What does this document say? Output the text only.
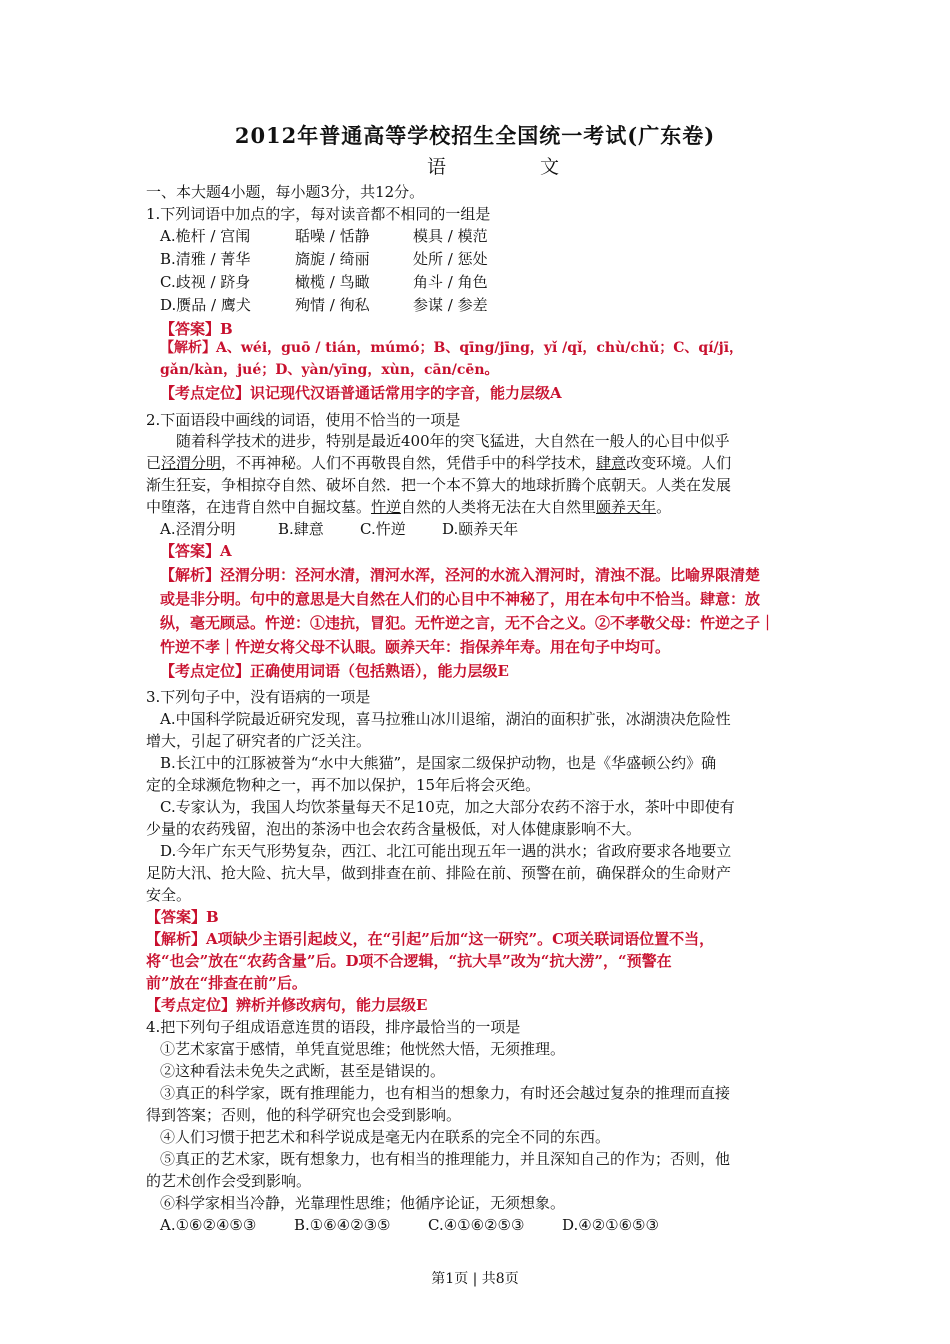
2012年普通高等学校招生全国统一考试(广东卷)
语 文
一、本大题4小题，每小题3分，共12分。
1.下列词语中加点的字，每对读音都不相同的一组是
A.桅杆 / 宫闱	聒噪 / 恬静	模具 / 模范
B.清雅 / 菁华	旖旎 / 绮丽	处所 / 惩处
C.歧视 / 跻身	橄榄 / 鸟瞰	角斗 / 角色
D.赝品 / 鹰犬	殉情 / 徇私	参谋 / 参差
【答案】B
【解析】A、wéi，guō / tián，múmó；B、qīng/jīng，yǐ /qǐ，chù/chǔ；C、qí/jī，
gǎn/kàn，jué；D、yàn/yīng，xùn，cān/cēn。
【考点定位】识记现代汉语普通话常用字的字音，能力层级A
2.下面语段中画线的词语，使用不恰当的一项是
随着科学技术的进步，特别是最近400年的突飞猛进，大自然在一般人的心目中似乎
已泾渭分明，不再神秘。人们不再敬畏自然，凭借手中的科学技术，肆意改变环境。人们
渐生狂妄，争相掠夺自然、破坏自然．把一个本不算大的地球折腾个底朝天。人类在发展
中堕落，在违背自然中自掘坟墓。忤逆自然的人类将无法在大自然里颐养天年。
A.泾渭分明	B.肆意 C.忤逆 D.颐养天年
【答案】A
【解析】泾渭分明：泾河水清，渭河水浑，泾河的水流入渭河时，清浊不混。比喻界限清楚
或是非分明。句中的意思是大自然在人们的心目中不神秘了，用在本句中不恰当。肆意：放
纵，毫无顾忌。忤逆：①违抗，冒犯。无忤逆之言，无不合之义。②不孝敬父母：忤逆之子｜
忤逆不孝｜忤逆女将父母不认眼。颐养天年：指保养年寿。用在句子中均可。
【考点定位】正确使用词语（包括熟语），能力层级E
3.下列句子中，没有语病的一项是
A.中国科学院最近研究发现，喜马拉雅山冰川退缩，湖泊的面积扩张，冰湖溃决危险性
增大，引起了研究者的广泛关注。
B.长江中的江豚被誉为“水中大熊猫”，是国家二级保护动物，也是《华盛顿公约》确
定的全球濒危物种之一，再不加以保护，15年后将会灭绝。
C.专家认为，我国人均饮茶量每天不足10克，加之大部分农药不溶于水，茶叶中即使有
少量的农药残留，泡出的茶汤中也会农药含量极低，对人体健康影响不大。
D.今年广东天气形势复杂，西江、北江可能出现五年一遇的洪水；省政府要求各地要立
足防大汛、抢大险、抗大旱，做到排查在前、排险在前、预警在前，确保群众的生命财产
安全。
【答案】B
【解析】A项缺少主语引起歧义，在“引起”后加“这一研究”。C项关联词语位置不当，
将“也会”放在“农药含量”后。D项不合逻辑，“抗大旱”改为“抗大涝”，“预警在
前”放在“排查在前”后。
【考点定位】辨析并修改病句，能力层级E
4.把下列句子组成语意连贯的语段，排序最恰当的一项是
①艺术家富于感情，单凭直觉思维；他恍然大悟，无须推理。
②这种看法未免失之武断，甚至是错误的。
③真正的科学家，既有推理能力，也有相当的想象力，有时还会越过复杂的推理而直接
得到答案；否则，他的科学研究也会受到影响。
④人们习惯于把艺术和科学说成是毫无内在联系的完全不同的东西。
⑤真正的艺术家，既有想象力，也有相当的推理能力，并且深知自己的作为；否则，他
的艺术创作会受到影响。
⑥科学家相当冷静，光靠理性思维；他循序论证，无须想象。
A.①⑥②④⑤③	B.①⑥④②③⑤	C.④①⑥②⑤③	D.④②①⑥⑤③
第1页 | 共8页
